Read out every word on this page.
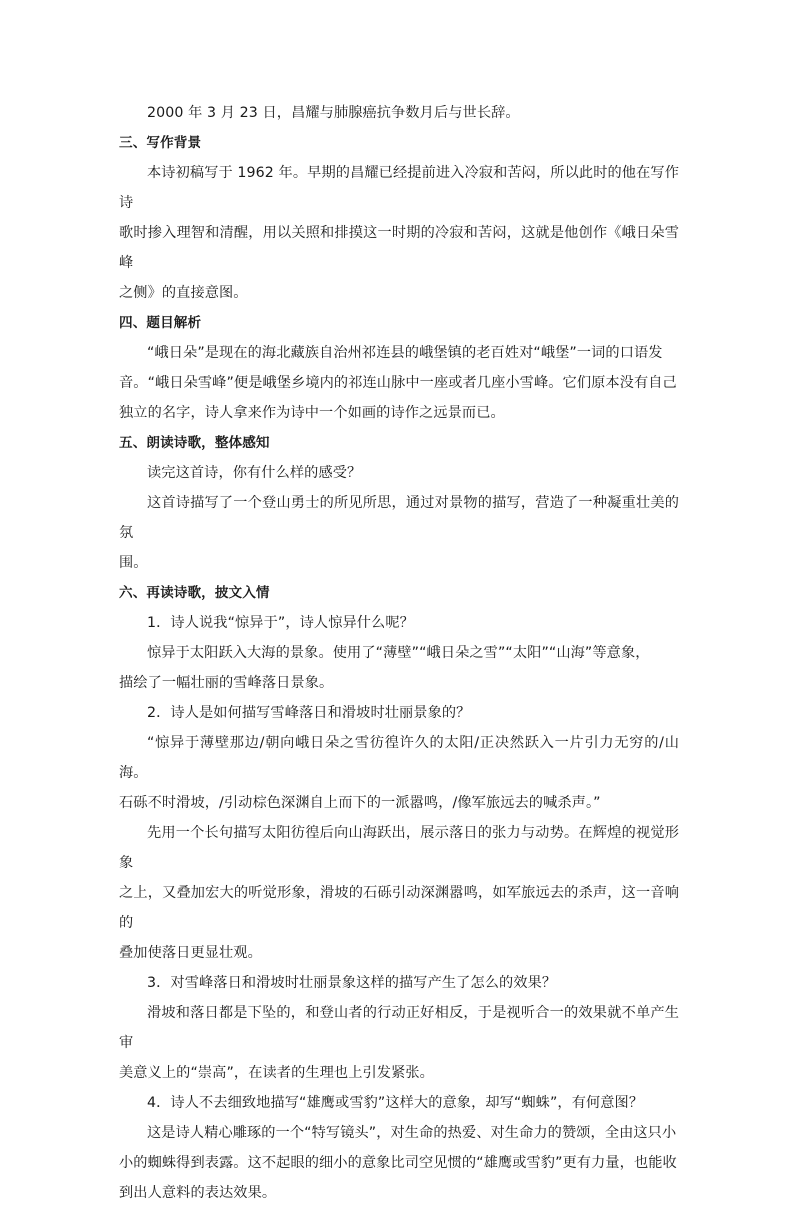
2000 年 3 月 23 日，昌耀与肺腺癌抗争数月后与世长辞。

三、写作背景

本诗初稿写于 1962 年。早期的昌耀已经提前进入冷寂和苦闷，所以此时的他在写作诗
歌时掺入理智和清醒，用以关照和排摸这一时期的冷寂和苦闷，这就是他创作《峨日朵雪峰
之侧》的直接意图。

四、题目解析

“峨日朵”是现在的海北藏族自治州祁连县的峨堡镇的老百姓对“峨堡”一词的口语发
音。“峨日朵雪峰”便是峨堡乡境内的祁连山脉中一座或者几座小雪峰。它们原本没有自己
独立的名字，诗人拿来作为诗中一个如画的诗作之远景而已。

五、朗读诗歌，整体感知

读完这首诗，你有什么样的感受？

这首诗描写了一个登山勇士的所见所思，通过对景物的描写，营造了一种凝重壮美的氛
围。

六、再读诗歌，披文入情

1．诗人说我“惊异于”，诗人惊异什么呢？

惊异于太阳跃入大海的景象。使用了“薄壁”“峨日朵之雪”“太阳”“山海”等意象，
描绘了一幅壮丽的雪峰落日景象。

2．诗人是如何描写雪峰落日和滑坡时壮丽景象的？

“惊异于薄壁那边/朝向峨日朵之雪彷徨许久的太阳/正决然跃入一片引力无穷的/山海。
石砾不时滑坡，/引动棕色深渊自上而下的一派嚣鸣，/像军旅远去的喊杀声。”

先用一个长句描写太阳彷徨后向山海跃出，展示落日的张力与动势。在辉煌的视觉形象
之上，又叠加宏大的听觉形象，滑坡的石砾引动深渊嚣鸣，如军旅远去的杀声，这一音响的
叠加使落日更显壮观。

3．对雪峰落日和滑坡时壮丽景象这样的描写产生了怎么的效果？

滑坡和落日都是下坠的，和登山者的行动正好相反，于是视听合一的效果就不单产生审
美意义上的“崇高”，在读者的生理也上引发紧张。

4．诗人不去细致地描写“雄鹰或雪豹”这样大的意象，却写“蜘蛛”，有何意图？

这是诗人精心雕琢的一个“特写镜头”，对生命的热爱、对生命力的赞颂，全由这只小
小的蜘蛛得到表露。这不起眼的细小的意象比司空见惯的“雄鹰或雪豹”更有力量，也能收
到出人意料的表达效果。
